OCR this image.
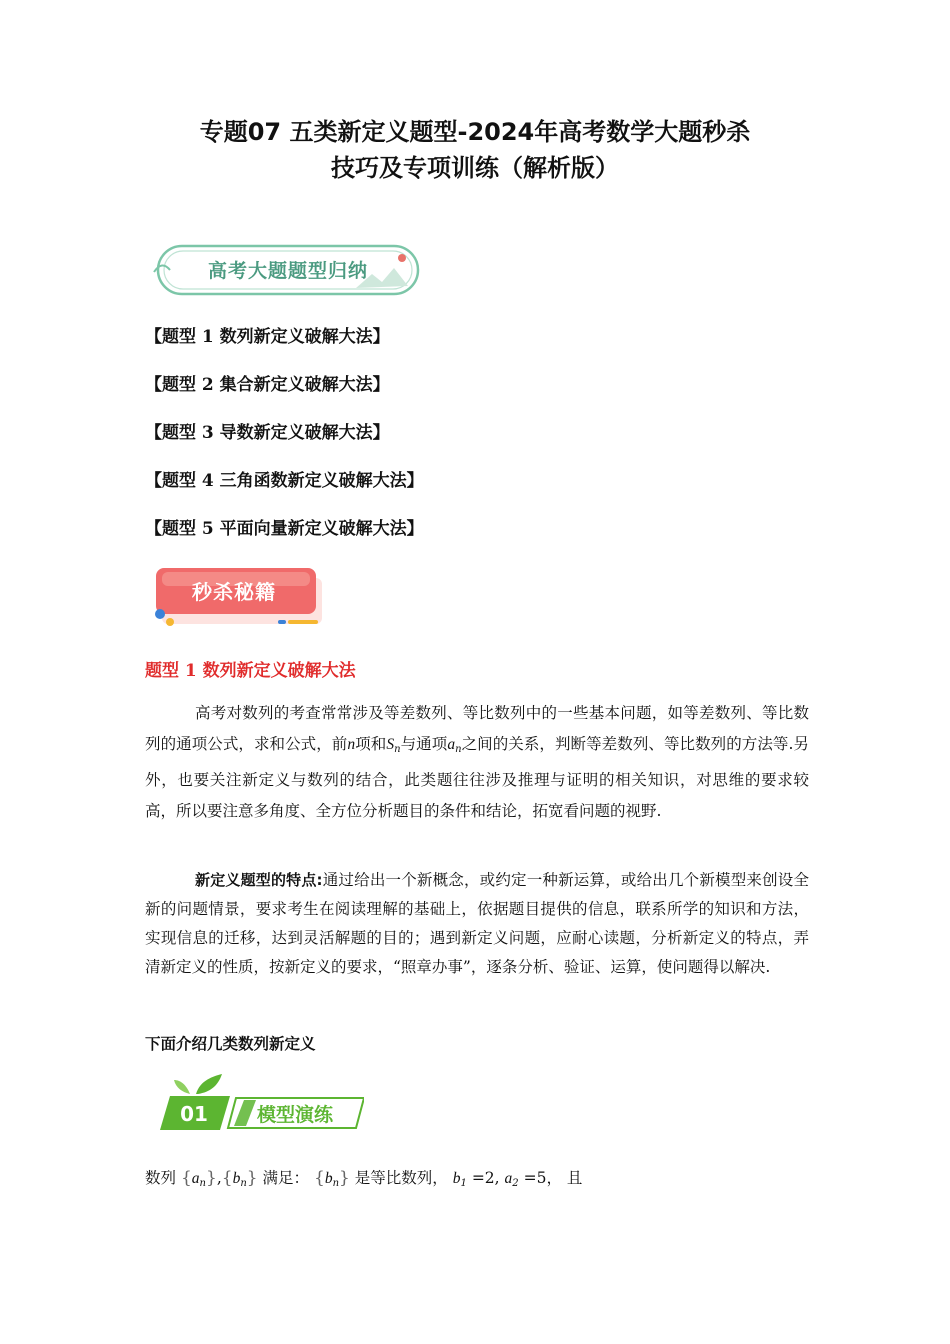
专题07 五类新定义题型-2024年高考数学大题秒杀
技巧及专项训练（解析版）
高考大题题型归纳
【题型 1 数列新定义破解大法】
【题型 2 集合新定义破解大法】
【题型 3 导数新定义破解大法】
【题型 4 三角函数新定义破解大法】
【题型 5 平面向量新定义破解大法】
秒杀秘籍
题型 1 数列新定义破解大法

高考对数列的考查常常涉及等差数列、等比数列中的一些基本问题，如等差数列、等比数列的通项公式，求和公式，前n项和$S_n$与通项$a_n$之间的关系，判断等差数列、等比数列的方法等.另外，也要关注新定义与数列的结合，此类题往往涉及推理与证明的相关知识，对思维的要求较高，所以要注意多角度、全方位分析题目的条件和结论，拓宽看问题的视野.

新定义题型的特点:通过给出一个新概念，或约定一种新运算，或给出几个新模型来创设全新的问题情景，要求考生在阅读理解的基础上，依据题目提供的信息，联系所学的知识和方法，实现信息的迁移，达到灵活解题的目的；遇到新定义问题，应耐心读题，分析新定义的特点，弄清新定义的性质，按新定义的要求，“照章办事”，逐条分析、验证、运算，使问题得以解决.

下面介绍几类数列新定义
01	模型演练
数列 $\{a_n\},\{b_n\}$ 满足： $\{b_n\}$ 是等比数列， $b_1 =2$, $a_2 =5$， 且
